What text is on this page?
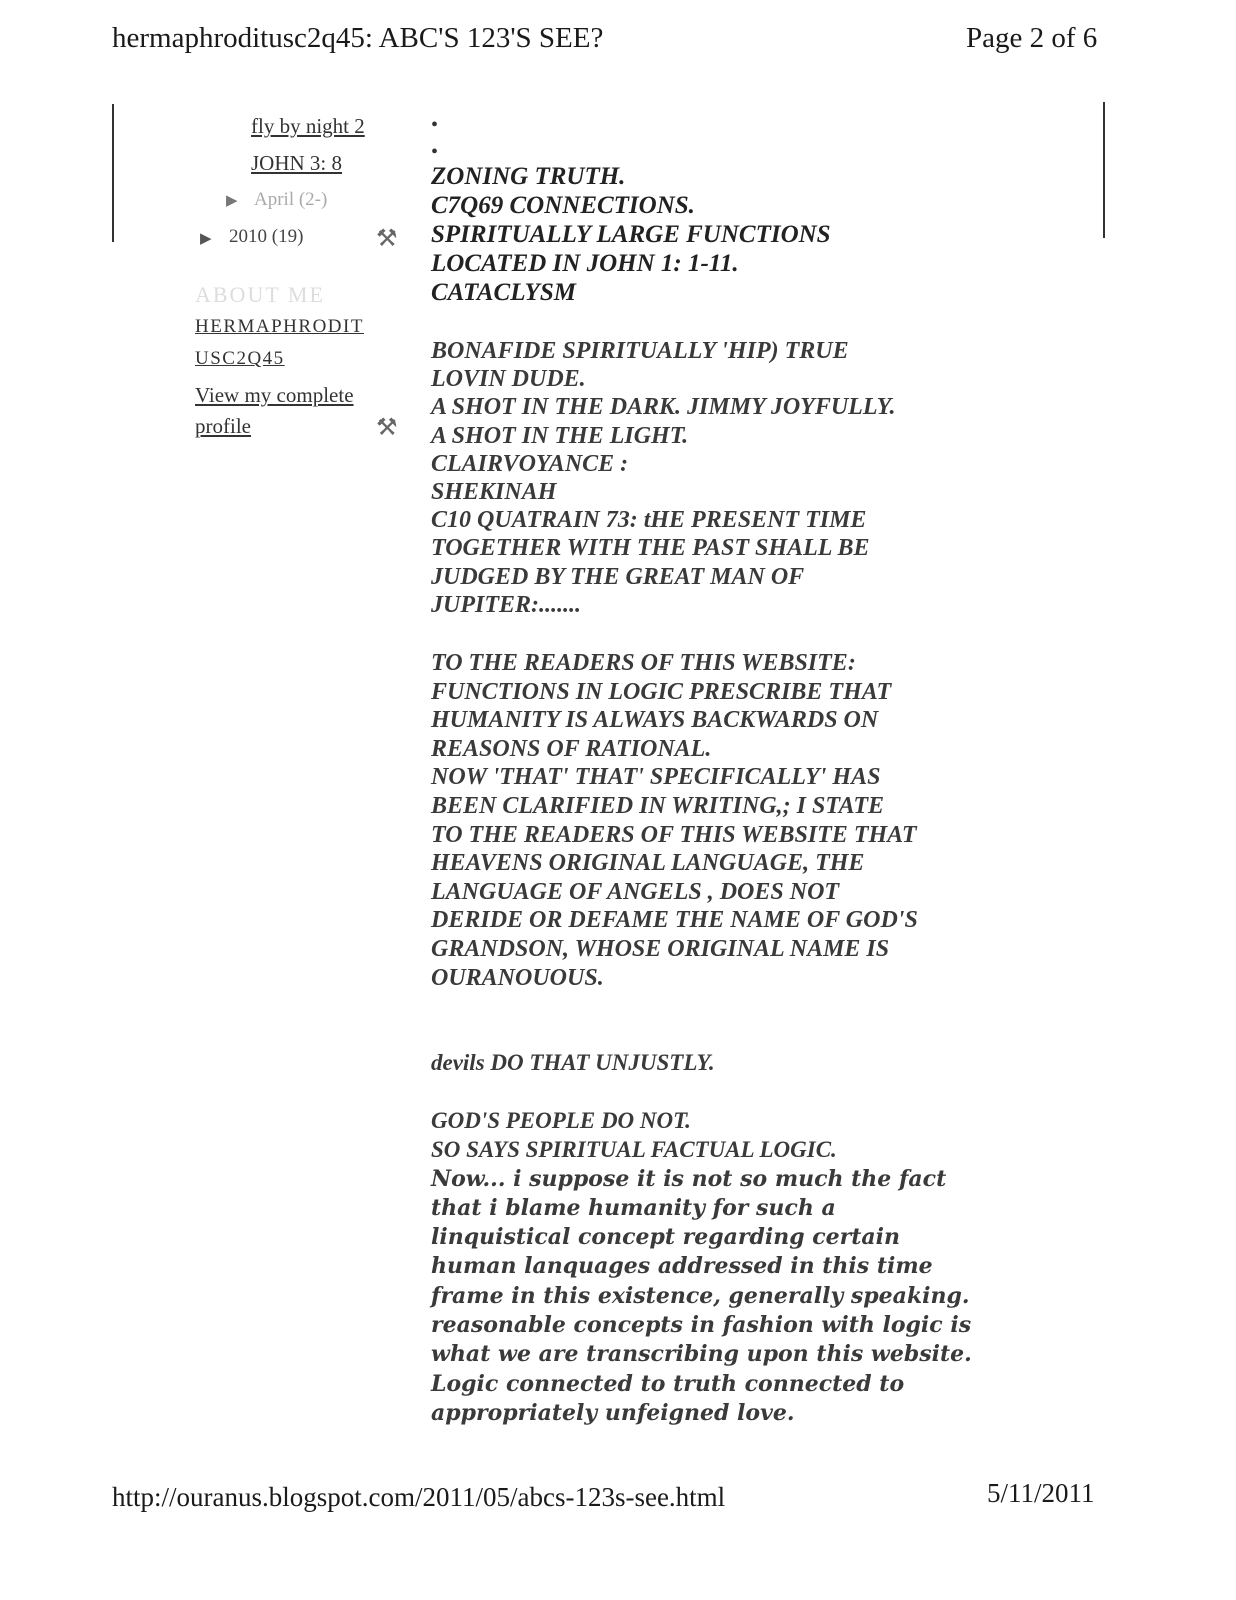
hermaphroditusc2q45: ABC'S 123'S SEE?	Page 2 of 6
http://ouranus.blogspot.com/2011/05/abcs-123s-see.html	5/11/2011
fly by night 2
JOHN 3: 8
▶ April (2-)
▶ 2010 (19)	⚒
ABOUT ME
HERMAPHRODIT
USC2Q45
View my complete
profile	⚒
•
•
ZONING TRUTH.
C7Q69 CONNECTIONS.
SPIRITUALLY LARGE FUNCTIONS
LOCATED IN JOHN 1: 1-11.
CATACLYSM
BONAFIDE SPIRITUALLY 'HIP) TRUE
LOVIN DUDE.
A SHOT IN THE DARK. JIMMY JOYFULLY.
A SHOT IN THE LIGHT.
CLAIRVOYANCE :
SHEKINAH
C10 QUATRAIN 73: tHE PRESENT TIME
TOGETHER WITH THE PAST SHALL BE
JUDGED BY THE GREAT MAN OF
JUPITER:.......
TO THE READERS OF THIS WEBSITE:
FUNCTIONS IN LOGIC PRESCRIBE THAT
HUMANITY IS ALWAYS BACKWARDS ON
REASONS OF RATIONAL.
NOW 'THAT' THAT' SPECIFICALLY' HAS
BEEN CLARIFIED IN WRITING,; I STATE
TO THE READERS OF THIS WEBSITE THAT
HEAVENS ORIGINAL LANGUAGE, THE
LANGUAGE OF ANGELS , DOES NOT
DERIDE OR DEFAME THE NAME OF GOD'S
GRANDSON, WHOSE ORIGINAL NAME IS
OURANOUOUS.
devils DO THAT UNJUSTLY.
GOD'S PEOPLE DO NOT.
SO SAYS SPIRITUAL FACTUAL LOGIC.
Now... i suppose it is not so much the fact
that i blame humanity for such a
linquistical concept regarding certain
human lanquages addressed in this time
frame in this existence, generally speaking.
reasonable concepts in fashion with logic is
what we are transcribing upon this website.
Logic connected to truth connected to
appropriately unfeigned love.
